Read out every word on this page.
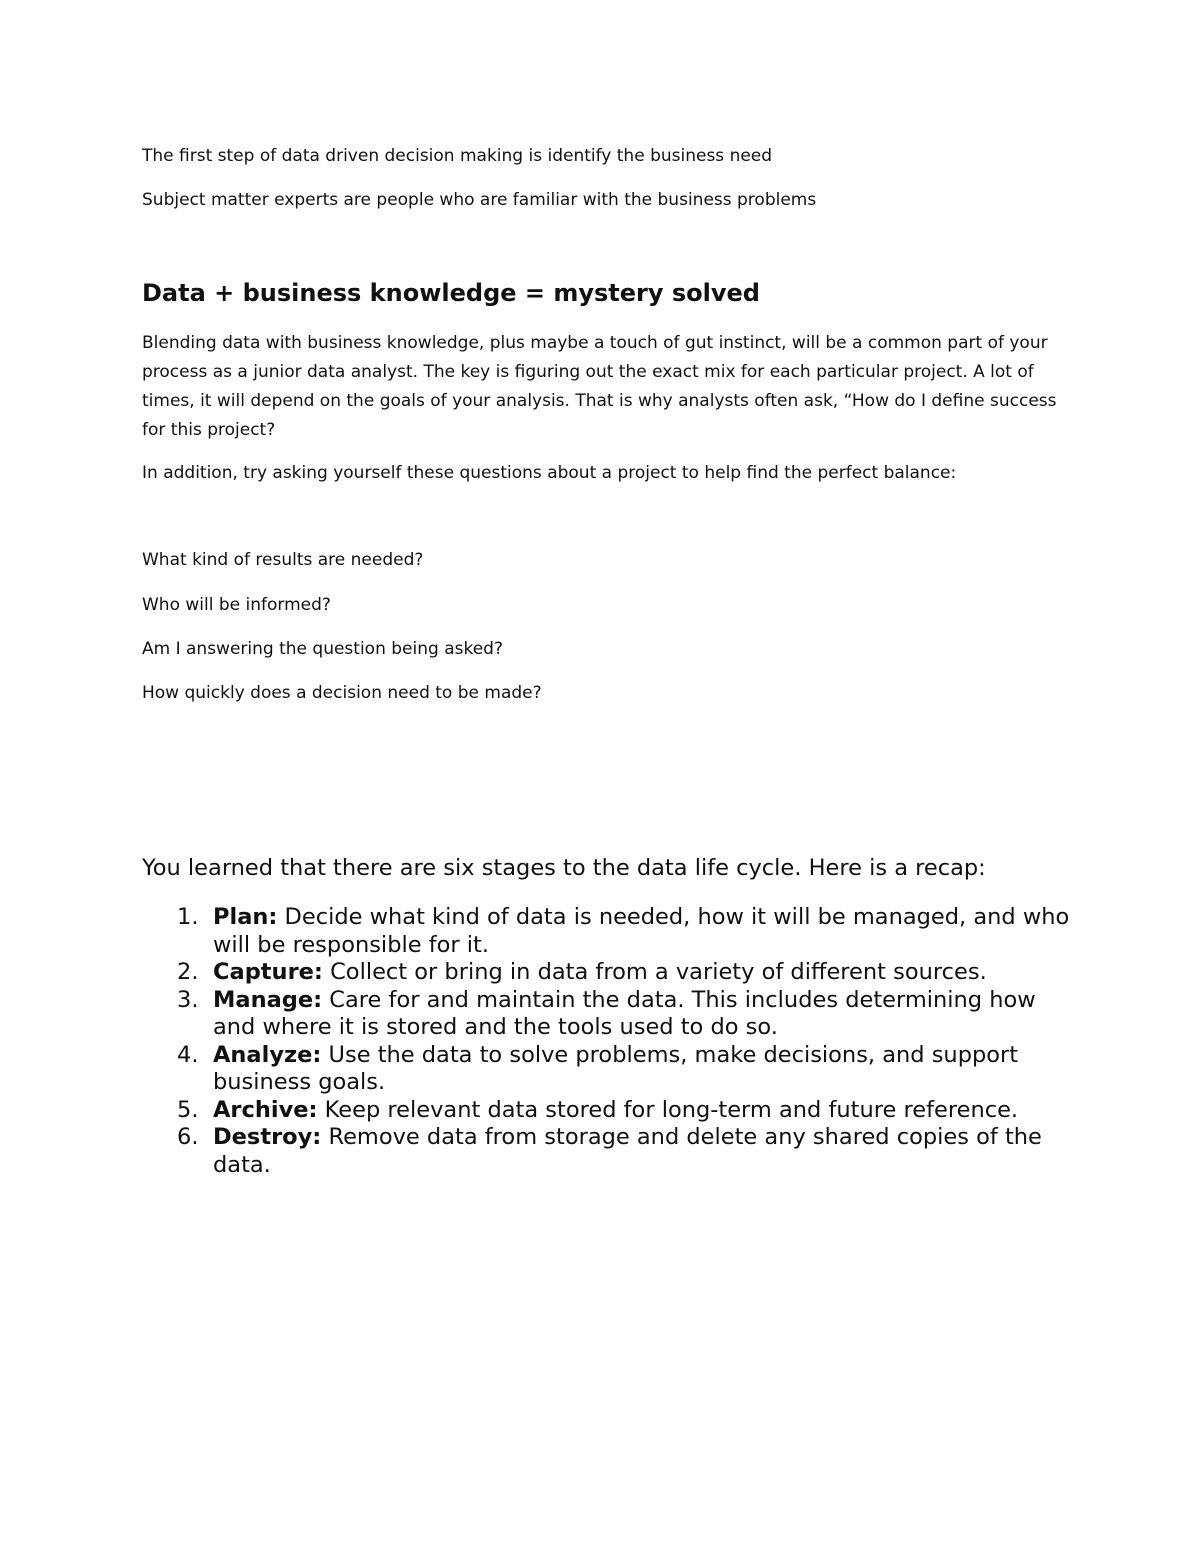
The first step of data driven decision making is identify the business need

Subject matter experts are people who are familiar with the business problems

Data + business knowledge = mystery solved

Blending data with business knowledge, plus maybe a touch of gut instinct, will be a common part of your process as a junior data analyst. The key is figuring out the exact mix for each particular project. A lot of times, it will depend on the goals of your analysis. That is why analysts often ask, “How do I define success for this project?

In addition, try asking yourself these questions about a project to help find the perfect balance:

What kind of results are needed?

Who will be informed?

Am I answering the question being asked?

How quickly does a decision need to be made?

You learned that there are six stages to the data life cycle. Here is a recap:

1. Plan: Decide what kind of data is needed, how it will be managed, and who will be responsible for it.
2. Capture: Collect or bring in data from a variety of different sources.
3. Manage: Care for and maintain the data. This includes determining how and where it is stored and the tools used to do so.
4. Analyze: Use the data to solve problems, make decisions, and support business goals.
5. Archive: Keep relevant data stored for long-term and future reference.
6. Destroy: Remove data from storage and delete any shared copies of the data.
